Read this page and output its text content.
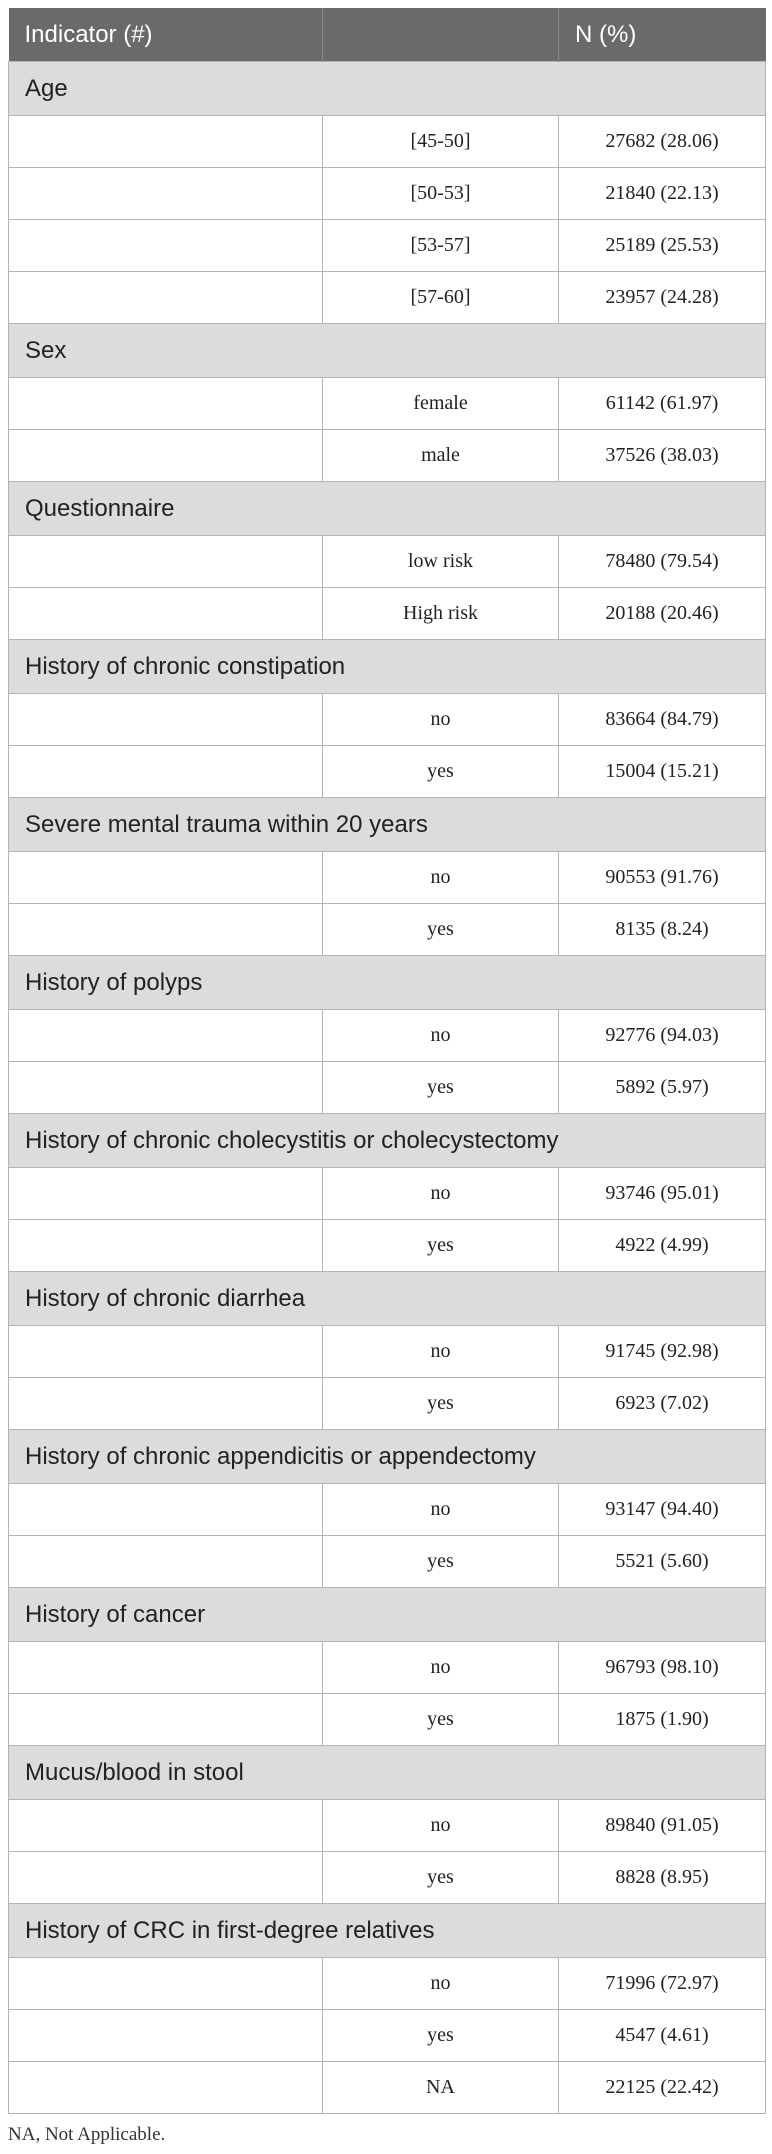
Indicator (#)		N (%)
Age		
	[45-50]	27682 (28.06)
	[50-53]	21840 (22.13)
	[53-57]	25189 (25.53)
	[57-60]	23957 (24.28)
Sex		
	female	61142 (61.97)
	male	37526 (38.03)
Questionnaire		
	low risk	78480 (79.54)
	High risk	20188 (20.46)
History of chronic constipation		
	no	83664 (84.79)
	yes	15004 (15.21)
Severe mental trauma within 20 years		
	no	90553 (91.76)
	yes	8135 (8.24)
History of polyps		
	no	92776 (94.03)
	yes	5892 (5.97)
History of chronic cholecystitis or cholecystectomy		
	no	93746 (95.01)
	yes	4922 (4.99)
History of chronic diarrhea		
	no	91745 (92.98)
	yes	6923 (7.02)
History of chronic appendicitis or appendectomy		
	no	93147 (94.40)
	yes	5521 (5.60)
History of cancer		
	no	96793 (98.10)
	yes	1875 (1.90)
Mucus/blood in stool		
	no	89840 (91.05)
	yes	8828 (8.95)
History of CRC in first-degree relatives		
	no	71996 (72.97)
	yes	4547 (4.61)
	NA	22125 (22.42)
NA, Not Applicable.
